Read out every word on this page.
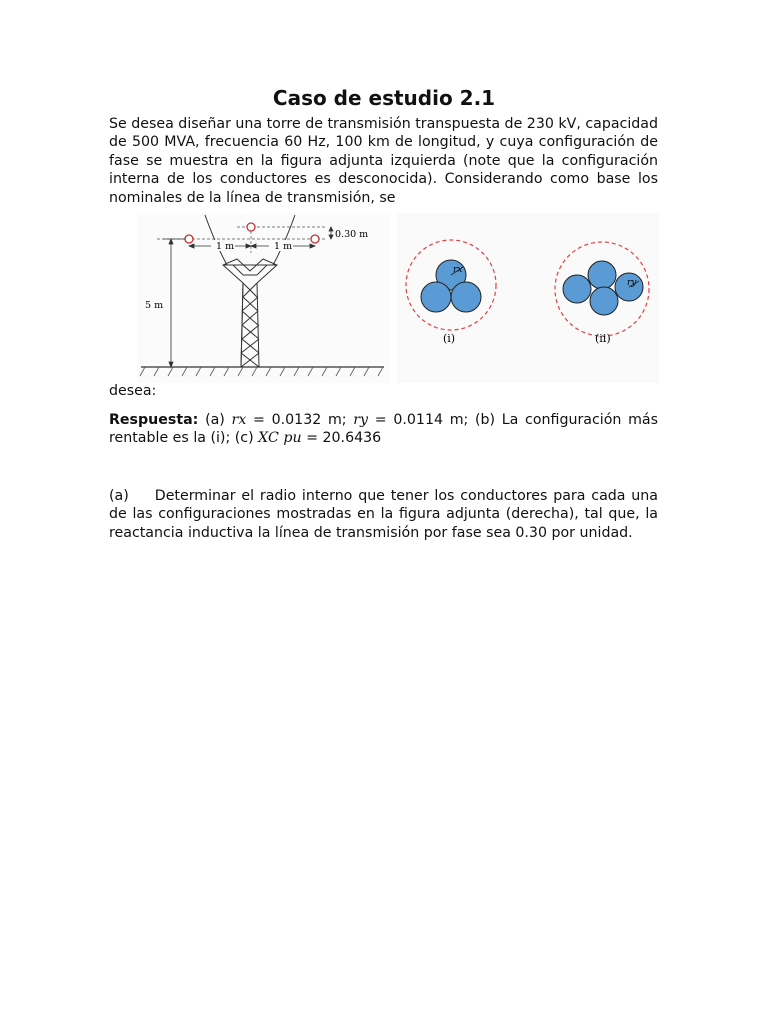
Caso de estudio 2.1

Se desea diseñar una torre de transmisión transpuesta de 230 kV, capacidad de 500 MVA, frecuencia 60 Hz, 100 km de longitud, y cuya configuración de fase se muestra en la figura adjunta izquierda (note que la configuración interna de los conductores es desconocida). Considerando como base los nominales de la línea de transmisión, se

1 m	1 m
0.30 m
5 m
rx
(i)
ry
(ii)

desea:

Respuesta: (a) rx = 0.0132 m; ry = 0.0114 m; (b) La configuración más rentable es la (i); (c) XC pu = 20.6436

(a) Determinar el radio interno que tener los conductores para cada una de las configuraciones mostradas en la figura adjunta (derecha), tal que, la reactancia inductiva la línea de transmisión por fase sea 0.30 por unidad.
